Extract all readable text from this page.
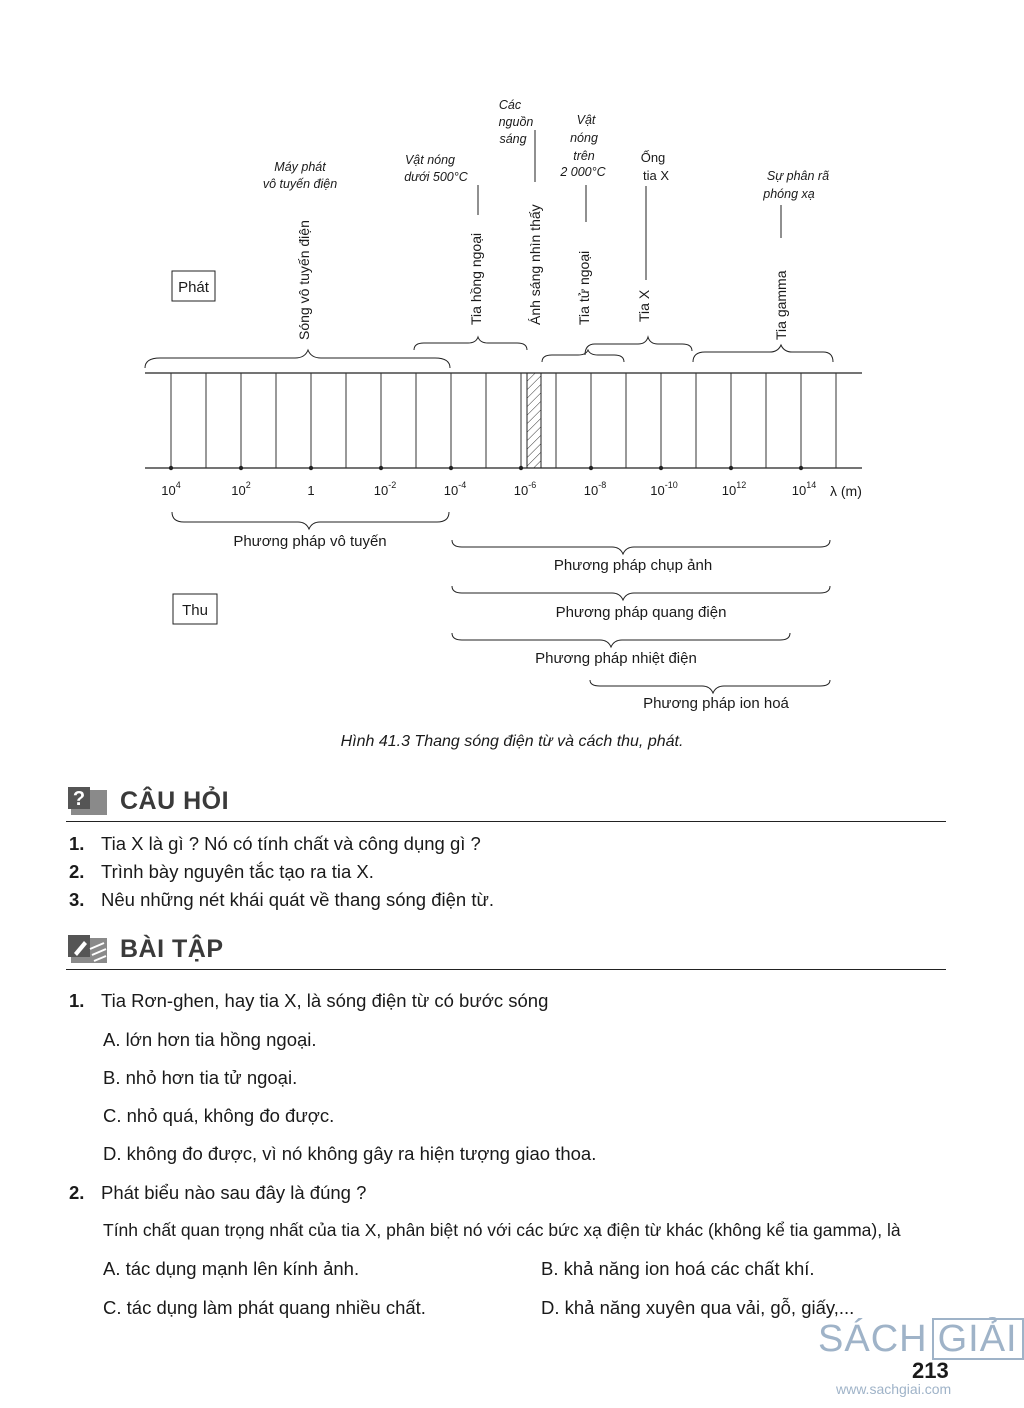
Phát
Máy phát
vô tuyến điện
Vật nóng
dưới 500°C
Các
nguồn
sáng
Vật
nóng
trên
2 000°C
Ống
tia X	Sự phân rã
phóng xạ
Sóng vô tuyến điện	Tia hồng ngoại	Ánh sáng nhìn thấy Tia tử ngoại	Tia X	Tia gamma
$10^4$	$10^2$	1	$10^{-2}$	$10^{-4}$	$10^{-6}$	$10^{-8}$	$10^{-10}$	$10^{12}$	$10^{14}$ λ (m)
Phương pháp vô tuyến
Phương pháp chụp ảnh
Phương pháp quang điện
Phương pháp nhiệt điện
Phương pháp ion hoá
Thu
Hình 41.3 Thang sóng điện từ và cách thu, phát.
? CÂU HỎI
1. Tia X là gì ? Nó có tính chất và công dụng gì ?
2. Trình bày nguyên tắc tạo ra tia X.
3. Nêu những nét khái quát về thang sóng điện từ.
BÀI TẬP
1. Tia Rơn-ghen, hay tia X, là sóng điện từ có bước sóng
A. lớn hơn tia hồng ngoại.
B. nhỏ hơn tia tử ngoại.
C. nhỏ quá, không đo được.
D. không đo được, vì nó không gây ra hiện tượng giao thoa.
2. Phát biểu nào sau đây là đúng ?
Tính chất quan trọng nhất của tia X, phân biệt nó với các bức xạ điện từ khác (không kể tia gamma), là
A. tác dụng mạnh lên kính ảnh.	B. khả năng ion hoá các chất khí.
C. tác dụng làm phát quang nhiều chất.	D. khả năng xuyên qua vải, gỗ, giấy,...
SÁCH GIẢI
213
www.sachgiai.com
